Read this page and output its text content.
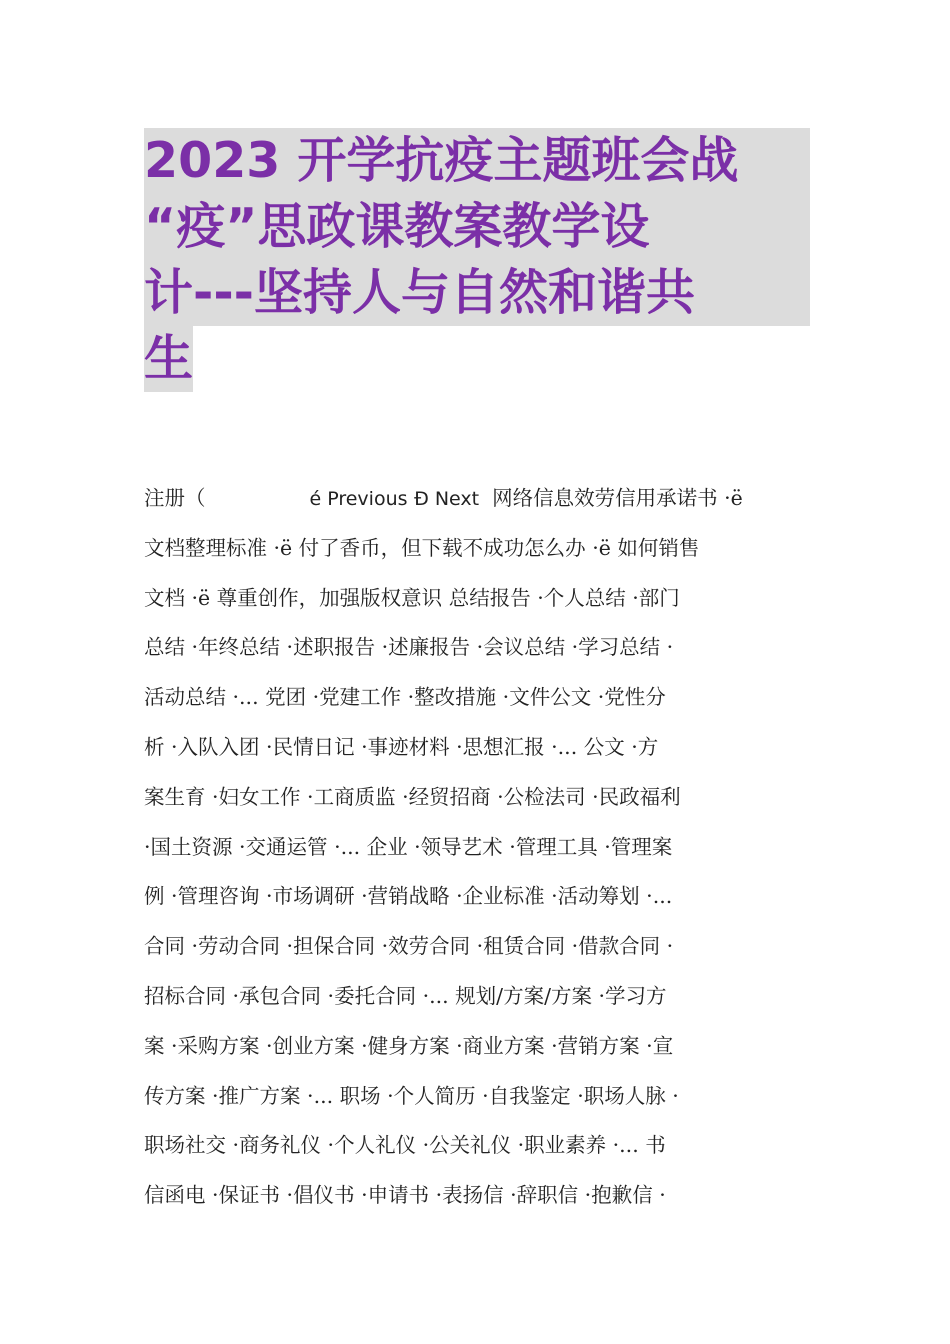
2023 开学抗疫主题班会战
“疫”思政课教案教学设
计---坚持人与自然和谐共
生
注册（	é Previous Ð Next 网络信息效劳信用承诺书 ·ë
文档整理标准 ·ë 付了香币，但下载不成功怎么办 ·ë 如何销售
文档 ·ë 尊重创作，加强版权意识 总结报告 ·个人总结 ·部门
总结 ·年终总结 ·述职报告 ·述廉报告 ·会议总结 ·学习总结 ·
活动总结 ·... 党团 ·党建工作 ·整改措施 ·文件公文 ·党性分
析 ·入队入团 ·民情日记 ·事迹材料 ·思想汇报 ·... 公文 ·方
案生育 ·妇女工作 ·工商质监 ·经贸招商 ·公检法司 ·民政福利
·国土资源 ·交通运管 ·... 企业 ·领导艺术 ·管理工具 ·管理案
例 ·管理咨询 ·市场调研 ·营销战略 ·企业标准 ·活动筹划 ·...
合同 ·劳动合同 ·担保合同 ·效劳合同 ·租赁合同 ·借款合同 ·
招标合同 ·承包合同 ·委托合同 ·... 规划/方案/方案 ·学习方
案 ·采购方案 ·创业方案 ·健身方案 ·商业方案 ·营销方案 ·宣
传方案 ·推广方案 ·... 职场 ·个人简历 ·自我鉴定 ·职场人脉 ·
职场社交 ·商务礼仪 ·个人礼仪 ·公关礼仪 ·职业素养 ·... 书
信函电 ·保证书 ·倡仪书 ·申请书 ·表扬信 ·辞职信 ·抱歉信 ·
